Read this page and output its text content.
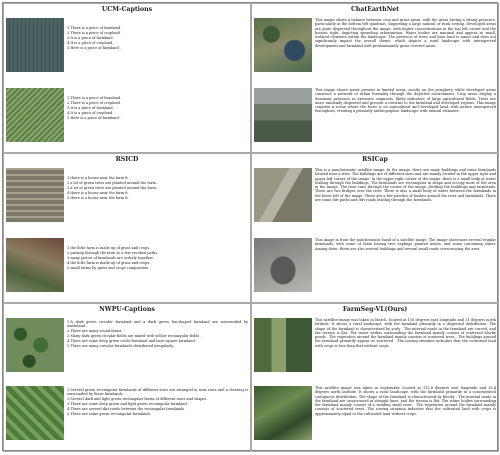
UCM-Captions
1.There is a piece of farmland .
2.There is a piece of cropland .
3.It is a piece of farmland .
4.It is a piece of cropland .
5.Here is a piece of farmland .
1.There is a piece of farmland .
2.There is a piece of cropland .
3.It is a piece of farmland .
4.It is a piece of cropland .
5.Here is a piece of farmland .
ChatEarthNet
This image shows a balance between crop and grass areas, with the grass having a strong presence, particularly in the bottom left quadrant, suggesting a large natural or rural setting. Developed areas are quite dispersed throughout the image, with higher concentrations in the top left corner and the bottom right, depicting sprawling urbanization. Water bodies are minimal and appear as small, isolated elements within the landscape. The presence of trees and bare land is minor and does not significantly impact the overall theme, which depicts a rural landscape with interspersed development and farmland with predominantly grass-covered areas.
This image shows water present in limited areas, mostly on the periphery, while developed areas construct a network of urban formality through the depicted environment. Crop areas display a dominant presence as extensive segments, likely indicative of large agricultural fields. Trees are more randomly dispersed and present a contrast to the farmland and developed regions. This image conjures a scene where the focus is on agricultural and developed land, with nature interspersed throughout, creating a primarily anthropogenic landscape with natural elements.
RSICD
1.there is a house near the farm fi .
2.a lot of green trees are planted around the farm .
3.a lot of green trees are planted around the farm .
4.there is a house near the farm fi .
5.there is a house near the farm fi .
1.the little farm is made up of grass and crops .
2.passing through the farm to a few crooked paths .
3.many pieces of farmlands are orderly together .
4.the little farm is made up of grass and crops .
5.small farms by grass and crops composition .
RSICap
This is a panchromatic satellite image. In the image, there are many buildings and some farmlands located near a river. The buildings are of different sizes and are mainly located in the upper right and upper left corner of the image. In the upper right corner of the image, there is a small body of water leading through the buildings. The farmlands are rectangular in shape and occupy most of the area in the image. The river runs through the center of the image, dividing the buildings and farmlands. There are two bridges over the river. There is also a small body of water between the farmlands in the lower left of the image. There are a few patches of bushes around the river and farmlands. There are some dirt paths and dirt roads leading through the farmlands.
This image is from the panchromatic band of a satellite image. The image showcases several regular farmlands, with some of them having tree saplings planted inside, and some containing water. Among them, there are also several buildings and several small roads crisscrossing the area.
NWPU-Captions
1.A dark green circular farmland and a dark green fan-shaped farmland are surrounded by wasteland .
2.There are many round farms .
3.Many dark green circular fields are mixed with yellow rectangular fields .
4.There are some deep green circle farmland and bare square farmland .
5.There are many circular farmlands distributed irregularly .
1.Several green rectangular farmlands of different sizes are arranged in neat rows and a clearing is surrounded by these farmlands .
2.Several dark and light green rectangular farms of different sizes and shapes .
3.There are some deep green and light green rectangular farmland .
4.There are several dirt roads between the rectangular farmlands .
5.There are some green rectangular farmlands
FarmSeg-VL(Ours)
This satellite image was taken in March, located at 116 degrees east longitude and 31 degrees north latitude. It shows a rural landscape, with the farmland primarily in a dispersed distribution. The shape of the farmland is characterized by scaly . The internal roads in the farmland are curved, and the terrain is flat. The water bodies surrounding the farmland mainly consist of scattered blocky ponds . The vegetation around the farmland mainly consists of scattered trees . The buildings around the farmland primarily appear as scattered . The sowing situation indicates that the cultivated land with crops is less than that without crops.
This satellite image was taken in September, located at 115.8 degrees east longitude and 35.4 degrees north latitude. It shows a rural landscape, with the farmland primarily in a concentrated contiguous distribution. The shape of the farmland is characterized by blocky . The internal roads in the farmland are crisscrossed in straight lines, and the terrain is flat. The water bodies surrounding the farmland mainly consist of a winding small river . The vegetation around the farmland mainly consists of scattered trees. The sowing situation indicates that the cultivated land with crops is approximately equal to the cultivated land without crops.
